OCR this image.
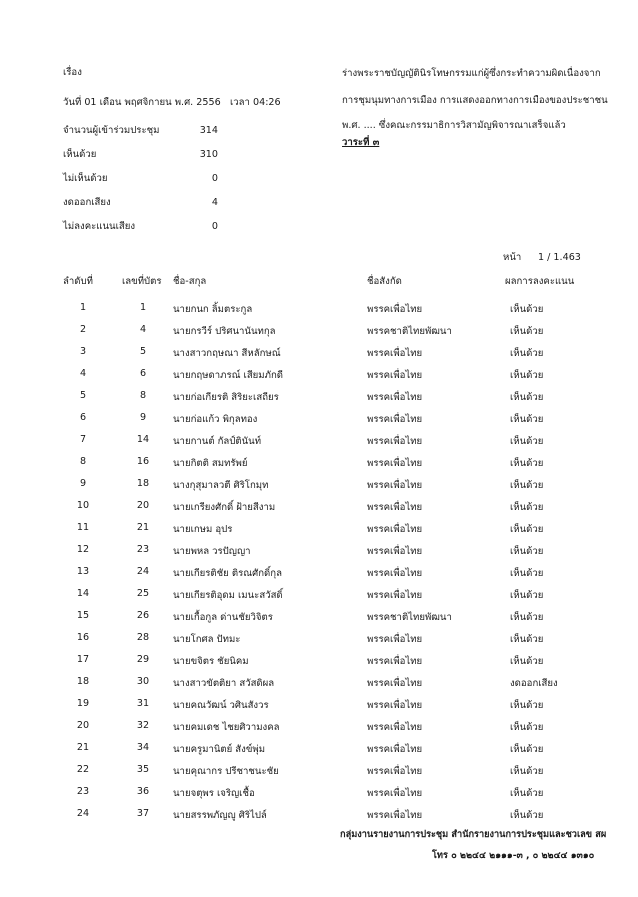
เรื่อง
วันที่ 01 เดือน พฤศจิกายน พ.ศ. 2556 เวลา 04:26
จำนวนผู้เข้าร่วมประชุม	314
เห็นด้วย	310
ไม่เห็นด้วย	0
งดออกเสียง	4
ไม่ลงคะแนนเสียง	0
ร่างพระราชบัญญัตินิรโทษกรรมแก่ผู้ซึ่งกระทำความผิดเนื่องจาก
การชุมนุมทางการเมือง การแสดงออกทางการเมืองของประชาชน
พ.ศ. .... ซึ่งคณะกรรมาธิการวิสามัญพิจารณาเสร็จแล้ว
วาระที่ ๓
หน้า 1 / 1.463
ลำดับที่	เลขที่บัตร ชื่อ-สกุล	ชื่อสังกัด	ผลการลงคะแนน
1	1	นายกนก ลิ้มตระกูล	พรรคเพื่อไทย	เห็นด้วย
2	4	นายกรวีร์ ปริศนานันทกุล	พรรคชาติไทยพัฒนา	เห็นด้วย
3	5	นางสาวกฤษณา สีหลักษณ์	พรรคเพื่อไทย	เห็นด้วย
4	6	นายกฤษดาภรณ์ เสียมภักดี	พรรคเพื่อไทย	เห็นด้วย
5	8	นายก่อเกียรติ สิริยะเสถียร	พรรคเพื่อไทย	เห็นด้วย
6	9	นายก่อแก้ว พิกุลทอง	พรรคเพื่อไทย	เห็นด้วย
7	14	นายกานต์ กัลป์ตินันท์	พรรคเพื่อไทย	เห็นด้วย
8	16	นายกิตติ สมทรัพย์	พรรคเพื่อไทย	เห็นด้วย
9	18	นางกุสุมาลวตี ศิริโกมุท	พรรคเพื่อไทย	เห็นด้วย
10	20	นายเกรียงศักดิ์ ฝ้ายสีงาม	พรรคเพื่อไทย	เห็นด้วย
11	21	นายเกษม อุปร	พรรคเพื่อไทย	เห็นด้วย
12	23	นายพหล วรปัญญา	พรรคเพื่อไทย	เห็นด้วย
13	24	นายเกียรติชัย ติรณศักดิ์กุล	พรรคเพื่อไทย	เห็นด้วย
14	25	นายเกียรติอุดม เมนะสวัสดิ์	พรรคเพื่อไทย	เห็นด้วย
15	26	นายเกื้อกูล ด่านชัยวิจิตร	พรรคชาติไทยพัฒนา	เห็นด้วย
16	28	นายโกศล ปัทมะ	พรรคเพื่อไทย	เห็นด้วย
17	29	นายขจิตร ชัยนิคม	พรรคเพื่อไทย	เห็นด้วย
18	30	นางสาวขัตติยา สวัสดิผล	พรรคเพื่อไทย	งดออกเสียง
19	31	นายคณวัฒน์ วศินสังวร	พรรคเพื่อไทย	เห็นด้วย
20	32	นายคมเดช ไชยศิวามงคล	พรรคเพื่อไทย	เห็นด้วย
21	34	นายครูมานิตย์ สังข์พุ่ม	พรรคเพื่อไทย	เห็นด้วย
22	35	นายคุณากร ปรีชาชนะชัย	พรรคเพื่อไทย	เห็นด้วย
23	36	นายจตุพร เจริญเชื้อ	พรรคเพื่อไทย	เห็นด้วย
24	37	นายสรรพภัญญู ศิริไปล์	พรรคเพื่อไทย	เห็นด้วย
กลุ่มงานรายงานการประชุม สำนักรายงานการประชุมและชวเลข สผ
โทร ๐ ๒๒๔๔ ๒๑๑๑-๓ , ๐ ๒๒๔๔ ๑๓๑๐
